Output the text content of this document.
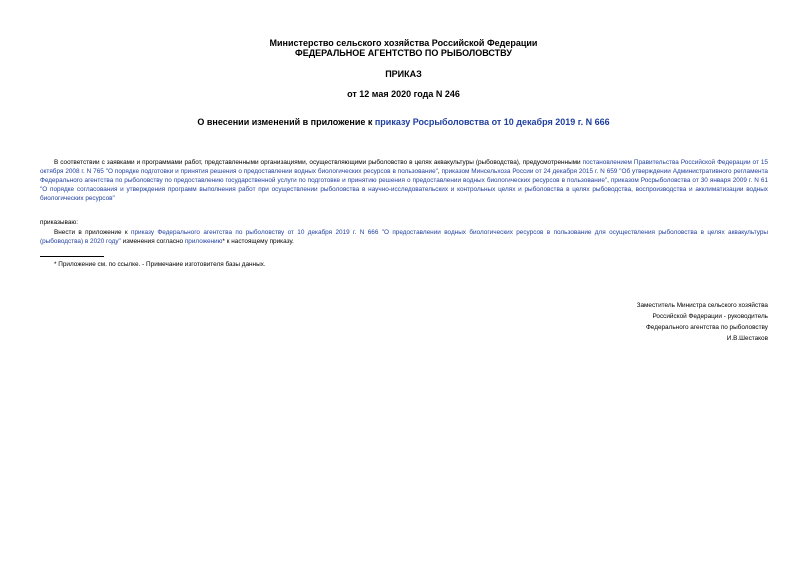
Министерство сельского хозяйства Российской Федерации
ФЕДЕРАЛЬНОЕ АГЕНТСТВО ПО РЫБОЛОВСТВУ
ПРИКАЗ
от 12 мая 2020 года N 246
О внесении изменений в приложение к приказу Росрыболовства от 10 декабря 2019 г. N 666

В соответствии с заявками и программами работ, представленными организациями, осуществляющими рыболовство в целях аквакультуры (рыбоводства), предусмотренными постановлением Правительства Российской Федерации от 15 октября 2008 г. N 765 "О порядке подготовки и принятия решения о предоставлении водных биологических ресурсов в пользование", приказом Минсельхоза России от 24 декабря 2015 г. N 659 "Об утверждении Административного регламента Федерального агентства по рыболовству по предоставлению государственной услуги по подготовке и принятию решения о предоставлении водных биологических ресурсов в пользование", приказом Росрыболовства от 30 января 2009 г. N 61 "О порядке согласования и утверждения программ выполнения работ при осуществлении рыболовства в научно-исследовательских и контрольных целях и рыболовства в целях рыбоводства, воспроизводства и акклиматизации водных биологических ресурсов"

приказываю:

Внести в приложение к приказу Федерального агентства по рыболовству от 10 декабря 2019 г. N 666 "О предоставлении водных биологических ресурсов в пользование для осуществления рыболовства в целях аквакультуры (рыбоводства) в 2020 году" изменения согласно приложению* к настоящему приказу.

* Приложение см. по ссылке. - Примечание изготовителя базы данных.
Заместитель Министра сельского хозяйства
Российской Федерации - руководитель
Федерального агентства по рыболовству
И.В.Шестаков
